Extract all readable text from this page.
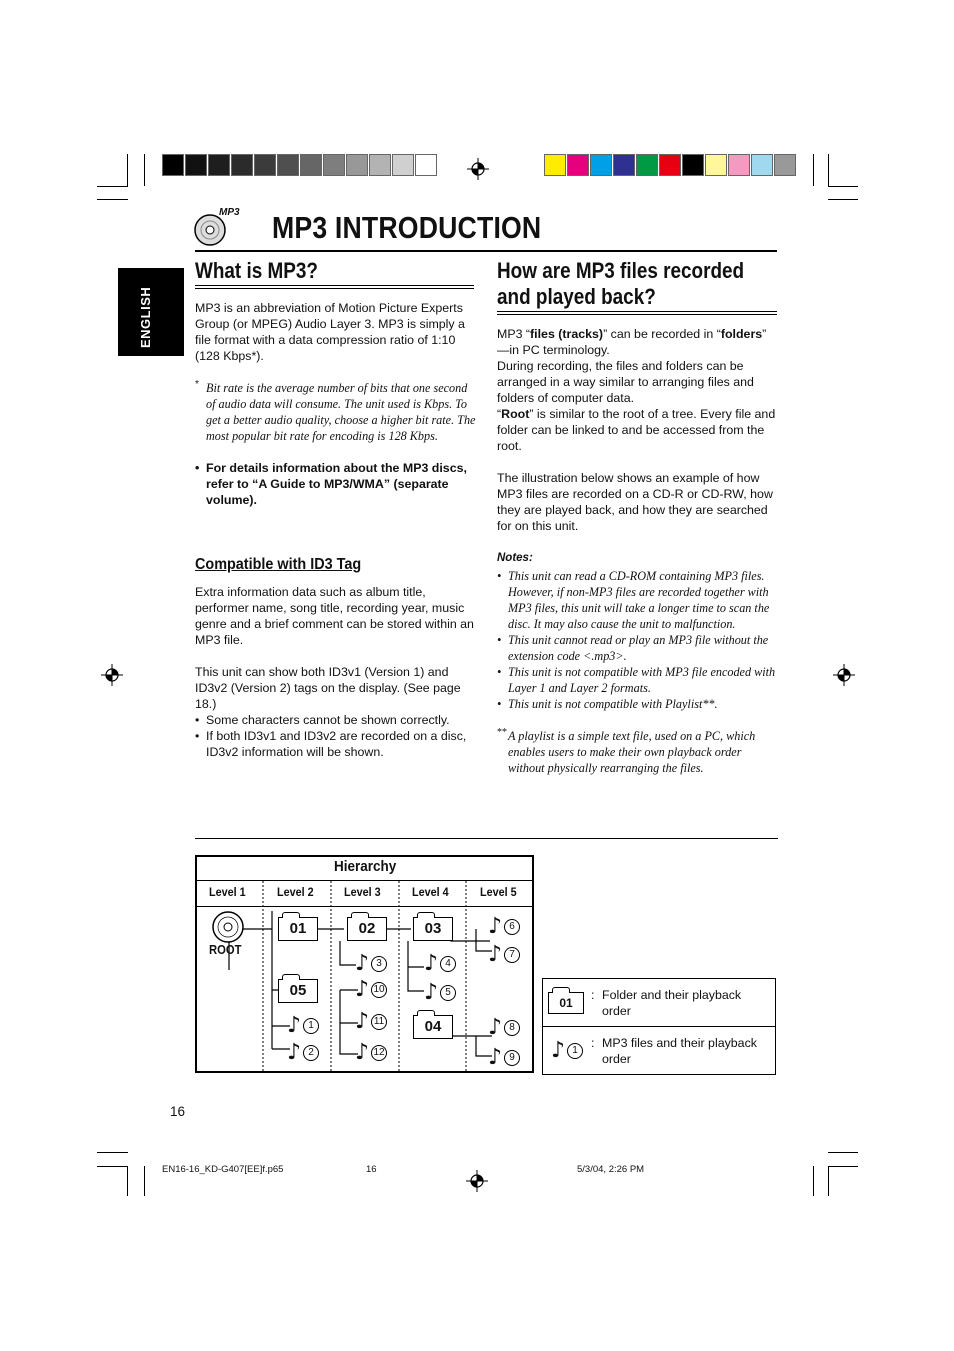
MP3 MP3 INTRODUCTION
ENGLISH
What is MP3?

MP3 is an abbreviation of Motion Picture Experts Group (or MPEG) Audio Layer 3. MP3 is simply a file format with a data compression ratio of 1:10 (128 Kbps*).

* Bit rate is the average number of bits that one second of audio data will consume. The unit used is Kbps. To get a better audio quality, choose a higher bit rate. The most popular bit rate for encoding is 128 Kbps.

• For details information about the MP3 discs, refer to “A Guide to MP3/WMA” (separate volume).
Compatible with ID3 Tag

Extra information data such as album title, performer name, song title, recording year, music genre and a brief comment can be stored within an MP3 file.

This unit can show both ID3v1 (Version 1) and ID3v2 (Version 2) tags on the display. (See page 18.)

• Some characters cannot be shown correctly.
• If both ID3v1 and ID3v2 are recorded on a disc, ID3v2 information will be shown.
How are MP3 files recorded and played back?

MP3 “files (tracks)” can be recorded in “folders” —in PC terminology.

During recording, the files and folders can be arranged in a way similar to arranging files and folders of computer data.

“Root” is similar to the root of a tree. Every file and folder can be linked to and be accessed from the root.

The illustration below shows an example of how MP3 files are recorded on a CD-R or CD-RW, how they are played back, and how they are searched for on this unit.

Notes:

• This unit can read a CD-ROM containing MP3 files. However, if non-MP3 files are recorded together with MP3 files, this unit will take a longer time to scan the disc. It may also cause the unit to malfunction.
• This unit cannot read or play an MP3 file without the extension code <.mp3>.
• This unit is not compatible with MP3 file encoded with Layer 1 and Layer 2 formats.
• This unit is not compatible with Playlist**.
** A playlist is a simple text file, used on a PC, which enables users to make their own playback order without physically rearranging the files.

Hierarchy
Level 1	Level 2	Level 3	Level 4	Level 5
ROOT
01	02	03
05
04
♪ 6
♪ 7
♪ 3 ♪ 4
♪ 10 ♪ 5
♪ 11
♪ 1	♪ 8
♪ 12
♪ 2	♪ 9
01
: Folder and their playback order
♪ 1
: MP3 files and their playback order
16
EN16-16_KD-G407[EE]f.p65	16	5/3/04, 2:26 PM
